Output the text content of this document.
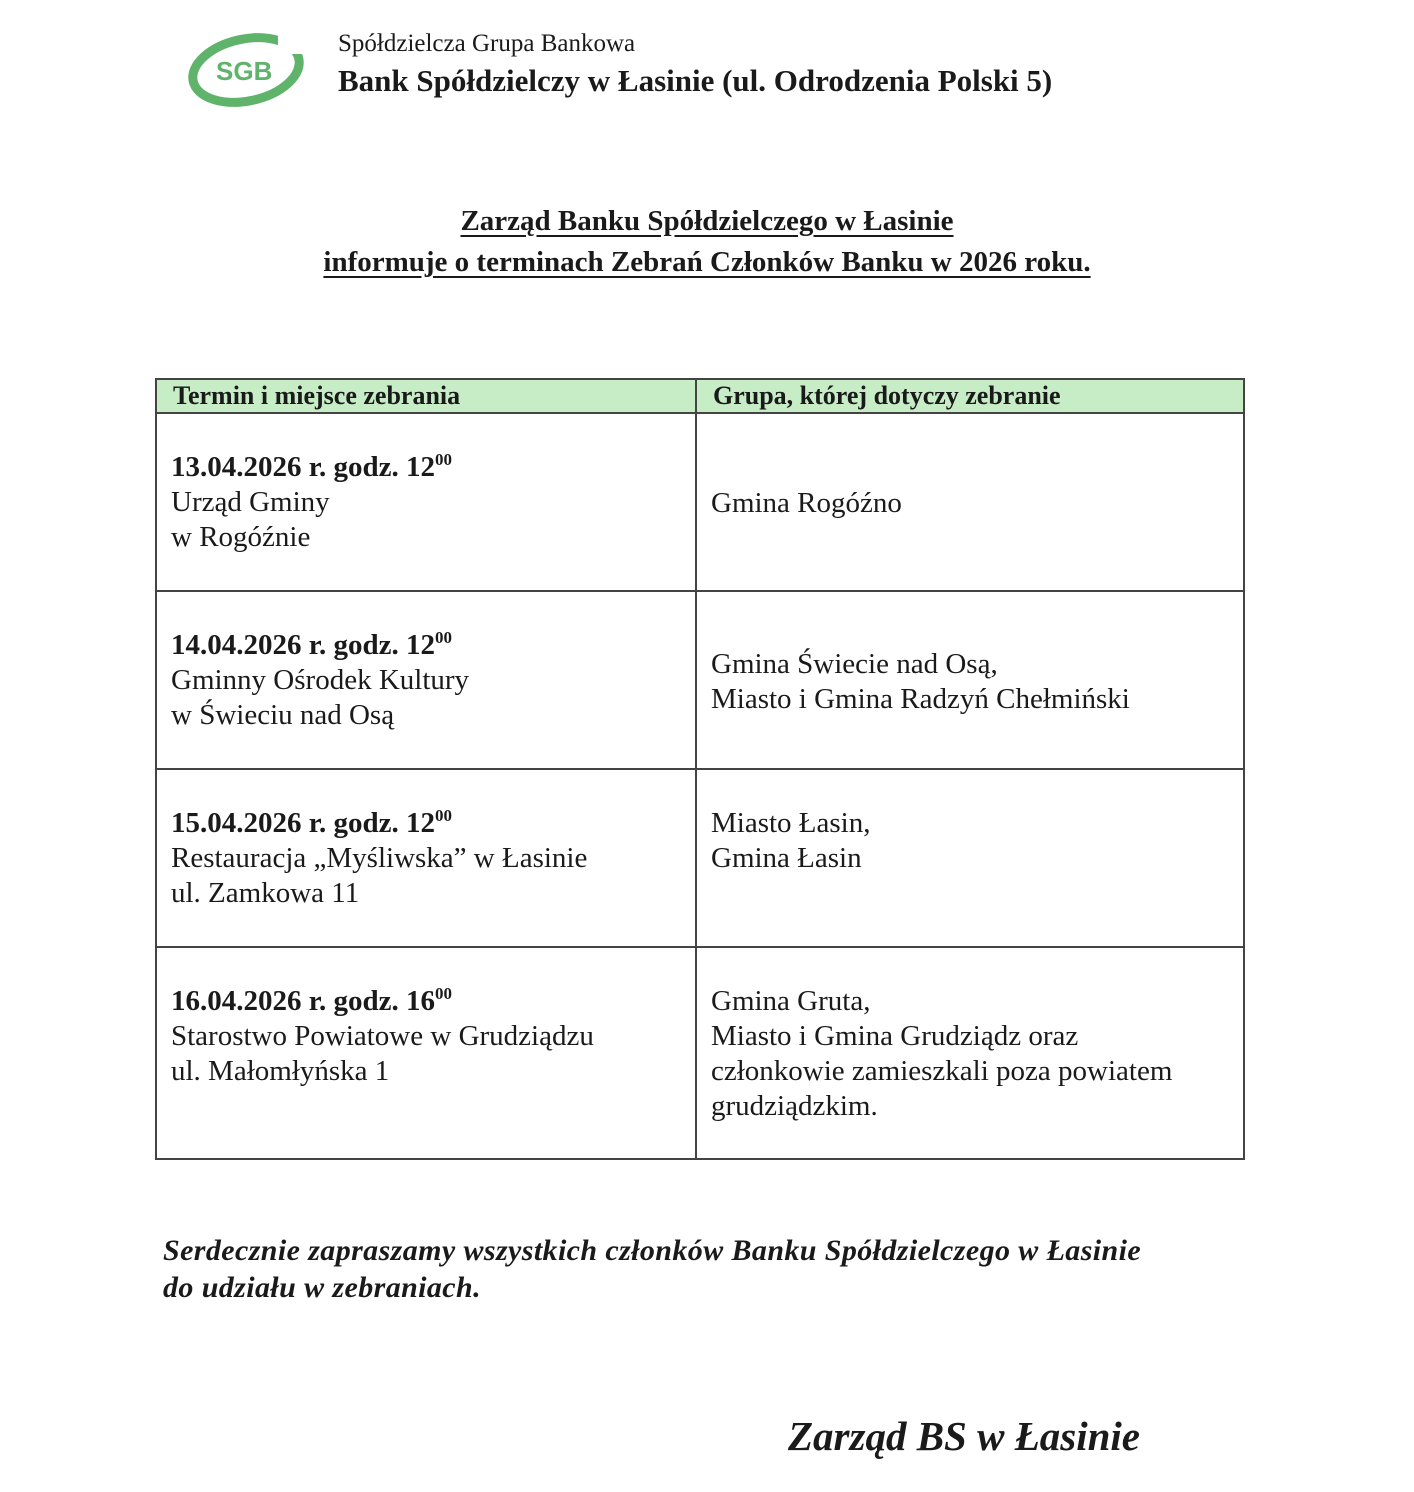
SGB
Spółdzielcza Grupa Bankowa
Bank Spółdzielczy w Łasinie (ul. Odrodzenia Polski 5)
Zarząd Banku Spółdzielczego w Łasinie
informuje o terminach Zebrań Członków Banku w 2026 roku.
Termin i miejsce zebrania	Grupa, której dotyczy zebranie

13.04.2026 r. godz. $12^{00}$
Urząd Gminy
w Rogóźnie	Gmina Rogóźno

14.04.2026 r. godz. $12^{00}$
Gminny Ośrodek Kultury
w Świeciu nad Osą	Gmina Świecie nad Osą,
Miasto i Gmina Radzyń Chełmiński

15.04.2026 r. godz. $12^{00}$
Restauracja „Myśliwska” w Łasinie
ul. Zamkowa 11	Miasto Łasin,
Gmina Łasin

16.04.2026 r. godz. $16^{00}$
Starostwo Powiatowe w Grudziądzu
ul. Małomłyńska 1	Gmina Gruta,
Miasto i Gmina Grudziądz oraz
członkowie zamieszkali poza powiatem
grudziądzkim.
Serdecznie zapraszamy wszystkich członków Banku Spółdzielczego w Łasinie
do udziału w zebraniach.
Zarząd BS w Łasinie
